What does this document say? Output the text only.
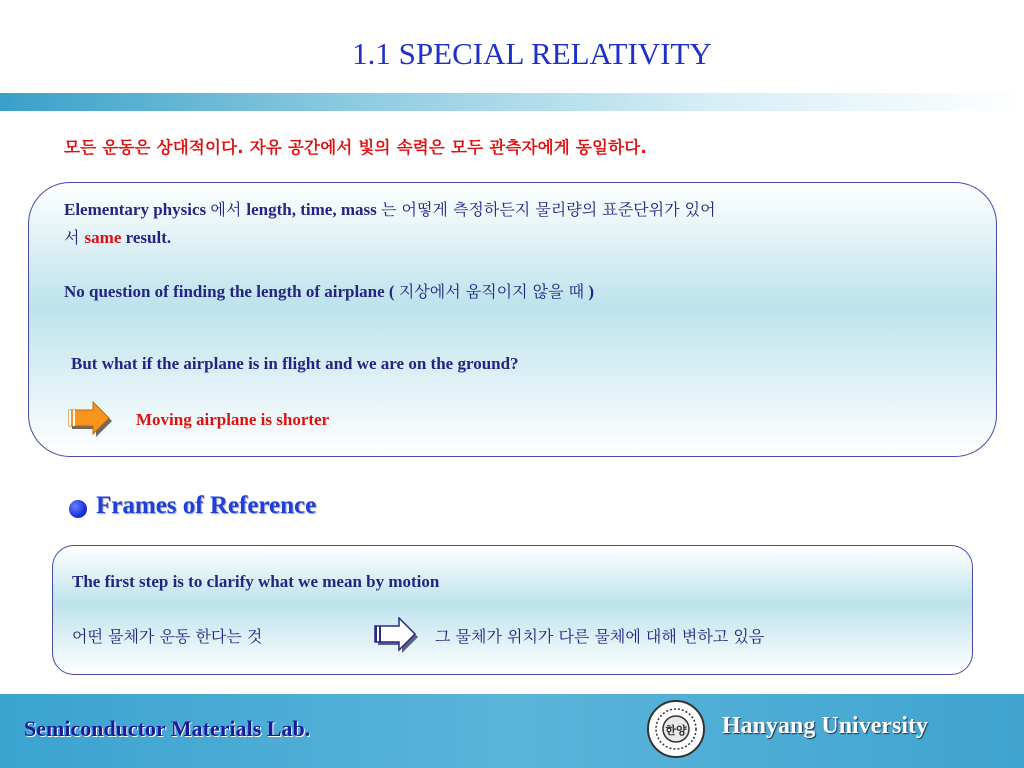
1.1 SPECIAL RELATIVITY
모든 운동은 상대적이다. 자유 공간에서 빛의 속력은 모두 관측자에게 동일하다.
Elementary physics 에서 length, time, mass 는 어떻게 측정하든지 물리량의 표준단위가 있어
서 same result.
No question of finding the length of airplane ( 지상에서 움직이지 않을 때 )
But what if the airplane is in flight and we are on the ground?
Moving airplane is shorter
Frames of Reference
The first step is to clarify what we mean by motion
어떤 물체가 운동 한다는 것	그 물체가 위치가 다른 물체에 대해 변하고 있음
Semiconductor Materials Lab.	한양 Hanyang University
